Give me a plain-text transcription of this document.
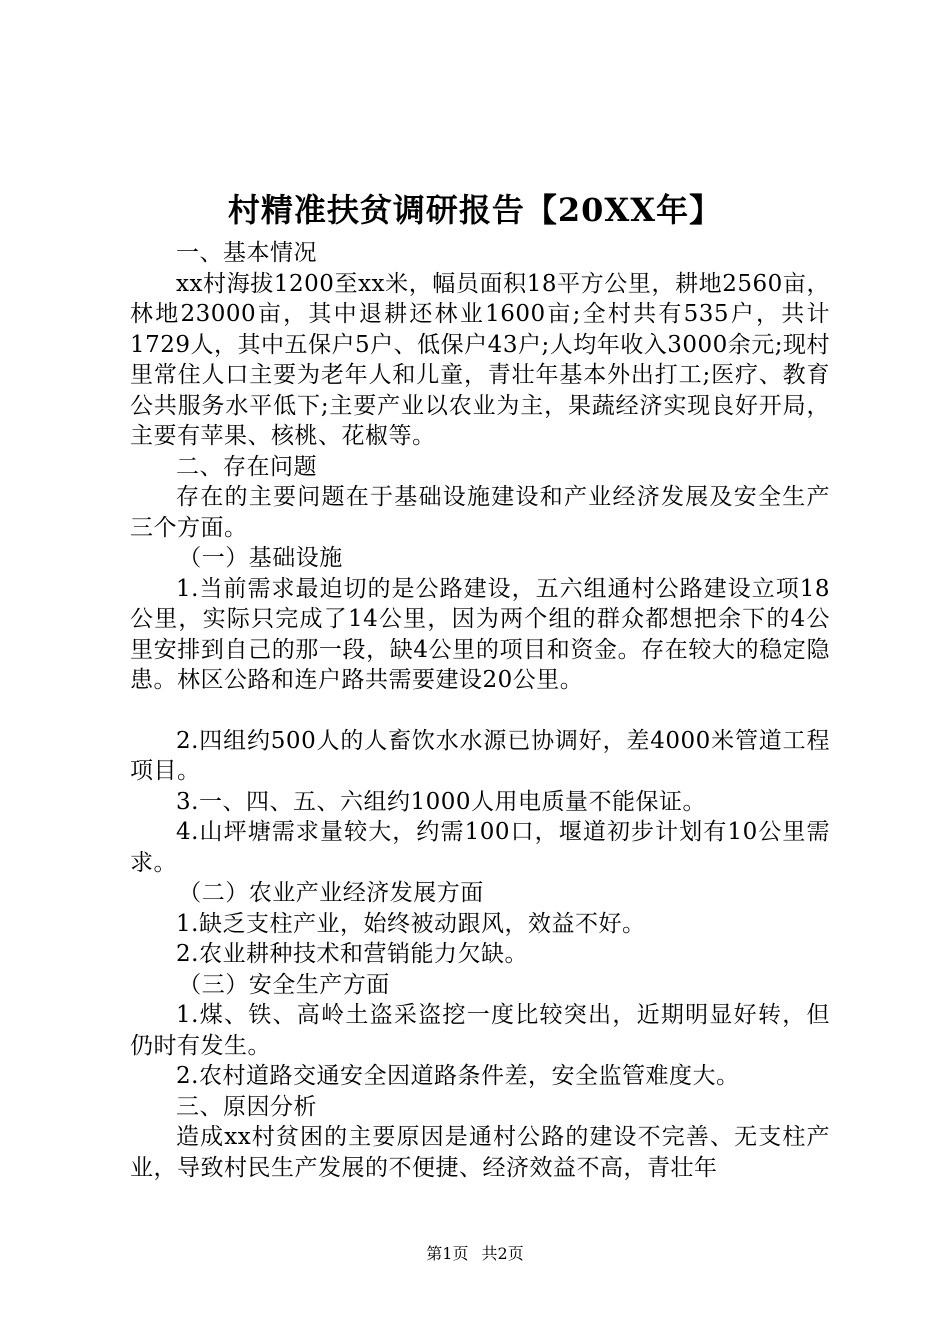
村精准扶贫调研报告【20XX年】

一、基本情况

xx村海拔1200至xx米，幅员面积18平方公里，耕地2560亩，林地23000亩，其中退耕还林业1600亩;全村共有535户，共计1729人，其中五保户5户、低保户43户;人均年收入3000余元;现村里常住人口主要为老年人和儿童，青壮年基本外出打工;医疗、教育公共服务水平低下;主要产业以农业为主，果蔬经济实现良好开局，主要有苹果、核桃、花椒等。

二、存在问题

存在的主要问题在于基础设施建设和产业经济发展及安全生产三个方面。

（一）基础设施

1.当前需求最迫切的是公路建设，五六组通村公路建设立项18公里，实际只完成了14公里，因为两个组的群众都想把余下的4公里安排到自己的那一段，缺4公里的项目和资金。存在较大的稳定隐患。林区公路和连户路共需要建设20公里。

2.四组约500人的人畜饮水水源已协调好，差4000米管道工程项目。

3.一、四、五、六组约1000人用电质量不能保证。

4.山坪塘需求量较大，约需100口，堰道初步计划有10公里需求。

（二）农业产业经济发展方面

1.缺乏支柱产业，始终被动跟风，效益不好。

2.农业耕种技术和营销能力欠缺。

（三）安全生产方面

1.煤、铁、高岭土盗采盗挖一度比较突出，近期明显好转，但仍时有发生。

2.农村道路交通安全因道路条件差，安全监管难度大。

三、原因分析

造成xx村贫困的主要原因是通村公路的建设不完善、无支柱产业，导致村民生产发展的不便捷、经济效益不高，青壮年

第1页 共2页
